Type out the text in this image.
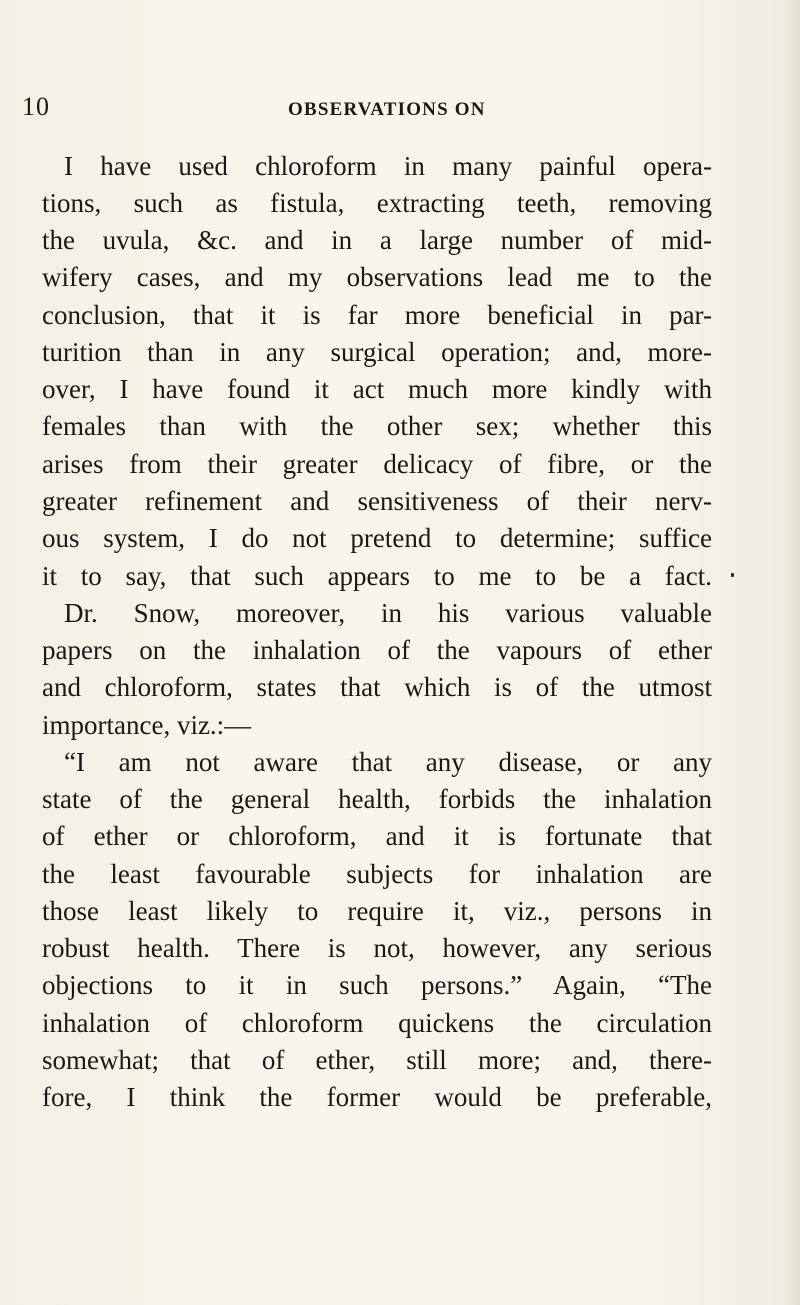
10	OBSERVATIONS ON
I have used chloroform in many painful opera-
tions, such as fistula, extracting teeth, removing
the uvula, &c. and in a large number of mid-
wifery cases, and my observations lead me to the
conclusion, that it is far more beneficial in par-
turition than in any surgical operation; and, more-
over, I have found it act much more kindly with
females than with the other sex; whether this
arises from their greater delicacy of fibre, or the
greater refinement and sensitiveness of their nerv-
ous system, I do not pretend to determine; suffice
it to say, that such appears to me to be a fact.
Dr. Snow, moreover, in his various valuable
papers on the inhalation of the vapours of ether
and chloroform, states that which is of the utmost
importance, viz.:—
“I am not aware that any disease, or any
state of the general health, forbids the inhalation
of ether or chloroform, and it is fortunate that
the least favourable subjects for inhalation are
those least likely to require it, viz., persons in
robust health. There is not, however, any serious
objections to it in such persons.” Again, “The
inhalation of chloroform quickens the circulation
somewhat; that of ether, still more; and, there-
fore, I think the former would be preferable,
